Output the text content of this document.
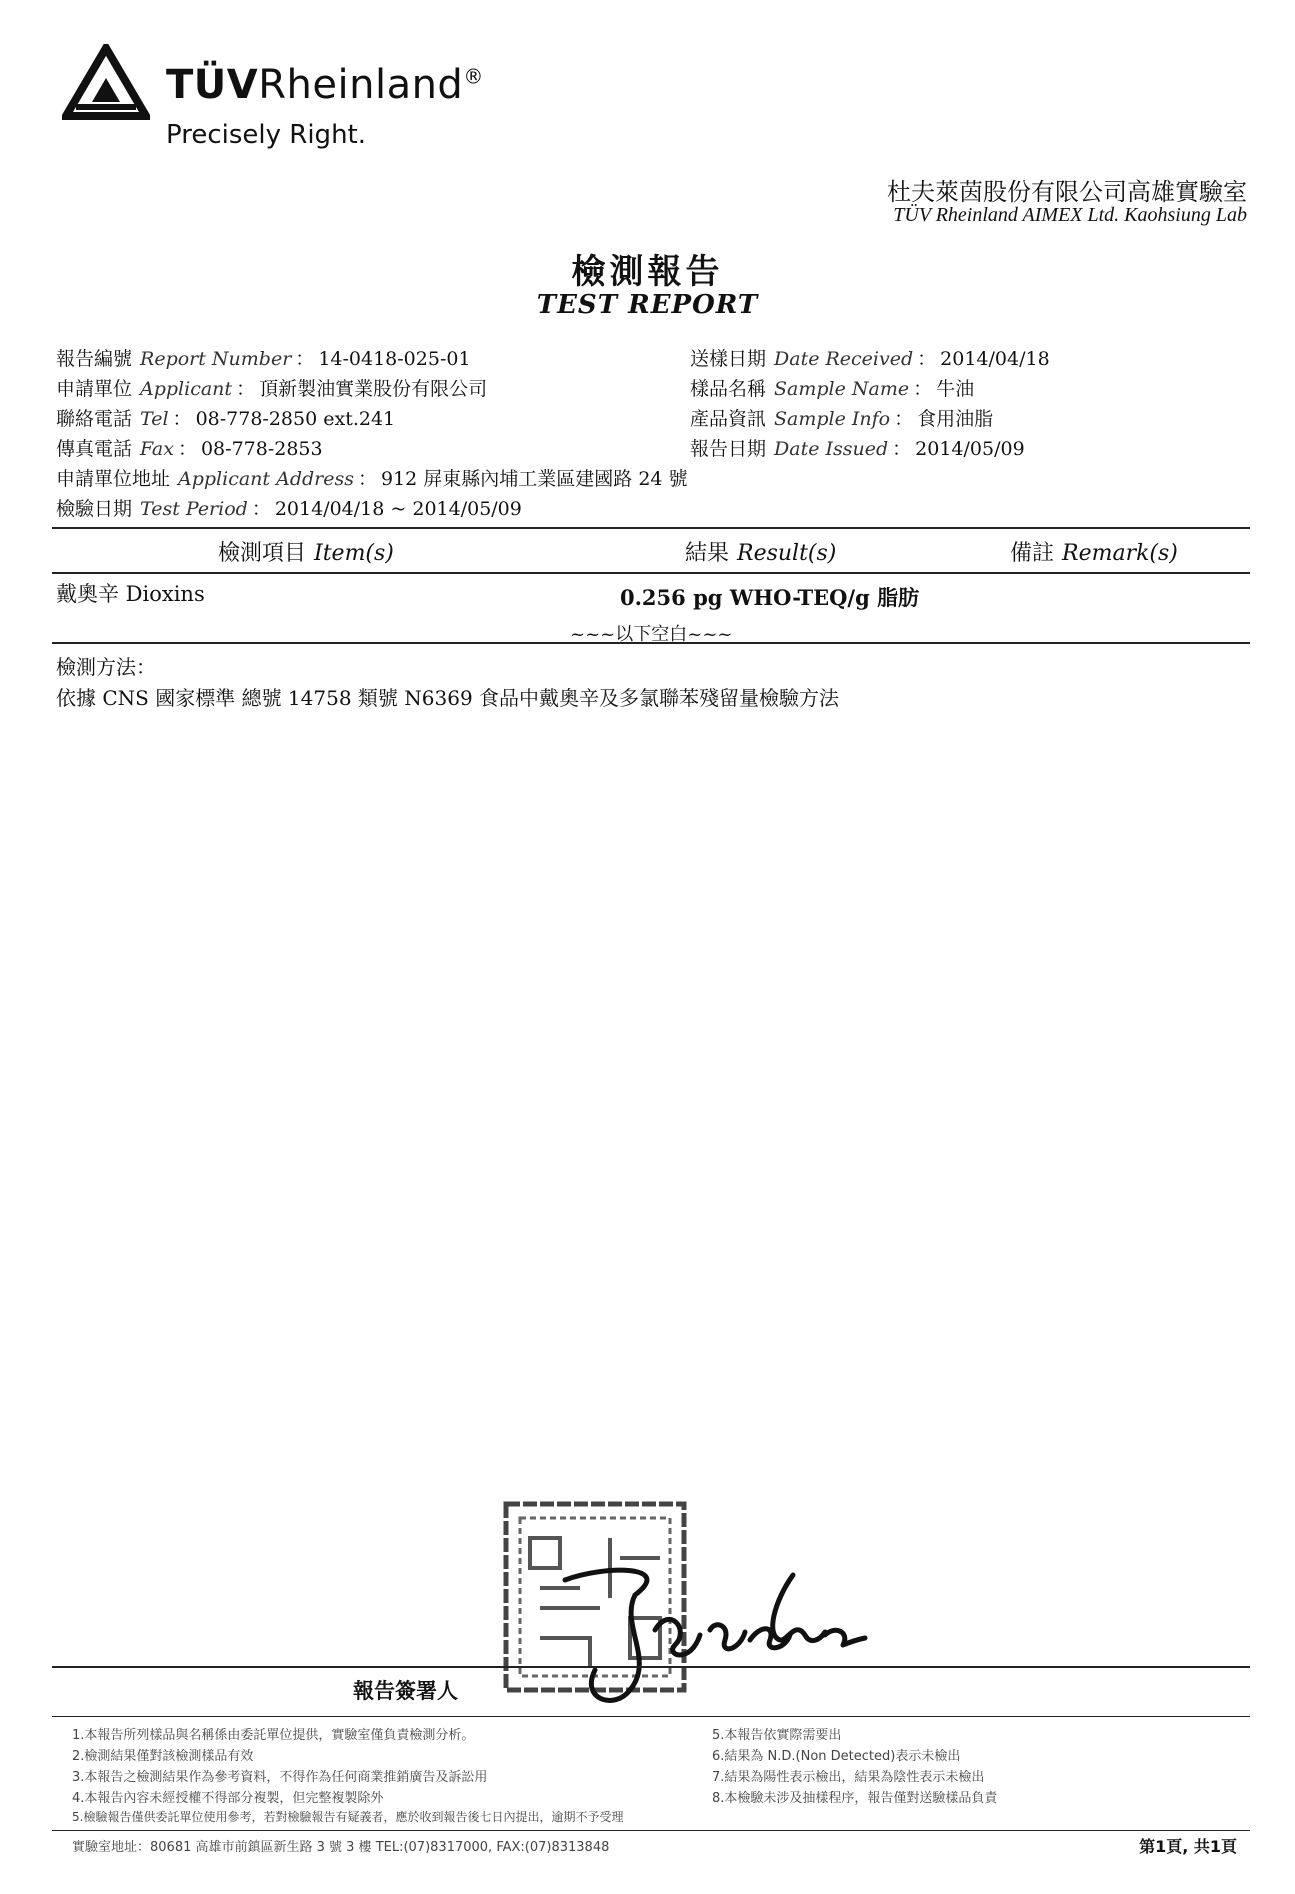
TÜVRheinland®
Precisely Right.
杜夫萊茵股份有限公司高雄實驗室
TÜV Rheinland AIMEX Ltd. Kaohsiung Lab
檢測報告
TEST REPORT
報告編號 Report Number ： 14-0418-025-01
申請單位 Applicant ： 頂新製油實業股份有限公司
聯絡電話 Tel ： 08-778-2850 ext.241
傳真電話 Fax ： 08-778-2853
申請單位地址 Applicant Address ： 912 屏東縣內埔工業區建國路 24 號
檢驗日期 Test Period ： 2014/04/18 ~ 2014/05/09
送樣日期 Date Received ： 2014/04/18
樣品名稱 Sample Name ： 牛油
產品資訊 Sample Info ： 食用油脂
報告日期 Date Issued ： 2014/05/09
檢測項目 Item(s)	結果 Result(s)	備註 Remark(s)
戴奧辛 Dioxins	0.256 pg WHO-TEQ/g 脂肪
~~~以下空白~~~
檢測方法：
依據 CNS 國家標準 總號 14758 類號 N6369 食品中戴奧辛及多氯聯苯殘留量檢驗方法
報告簽署人
1.本報告所列樣品與名稱係由委託單位提供，實驗室僅負責檢測分析。
2.檢測結果僅對該檢測樣品有效
3.本報告之檢測結果作為參考資料，不得作為任何商業推銷廣告及訴訟用
4.本報告內容未經授權不得部分複製，但完整複製除外
5.檢驗報告僅供委託單位使用參考，若對檢驗報告有疑義者，應於收到報告後七日內提出，逾期不予受理
5.本報告依實際需要出
6.結果為 N.D.(Non Detected)表示未檢出
7.結果為陽性表示檢出，結果為陰性表示未檢出
8.本檢驗未涉及抽樣程序，報告僅對送驗樣品負責
實驗室地址：80681 高雄市前鎮區新生路 3 號 3 樓 TEL:(07)8317000, FAX:(07)8313848	第1頁, 共1頁
